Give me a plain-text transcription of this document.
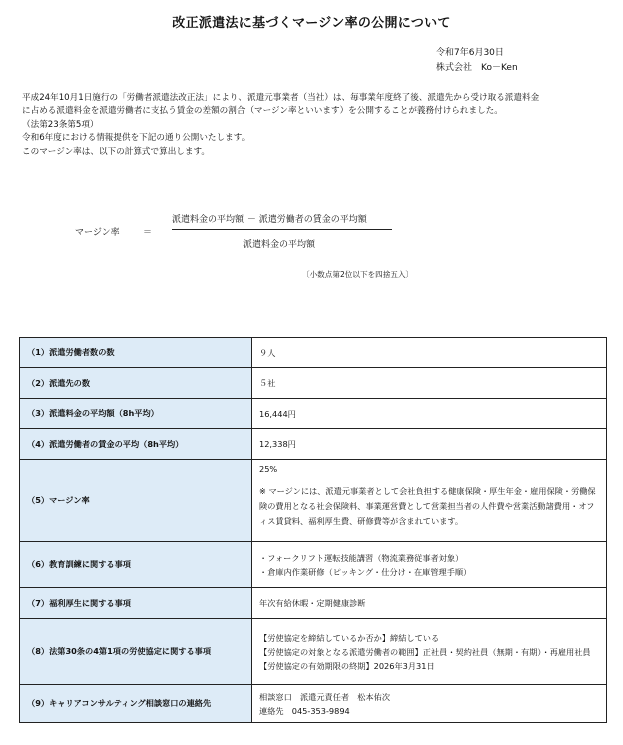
改正派遣法に基づくマージン率の公開について
令和7年6月30日
株式会社　Ko－Ken

平成24年10月1日施行の「労働者派遣法改正法」により、派遣元事業者（当社）は、毎事業年度終了後、派遣先から受け取る派遣料金

に占める派遣料金を派遣労働者に支払う賃金の差額の割合（マージン率といいます）を公開することが義務付けられました。

（法第23条第5項）

令和6年度における情報提供を下記の通り公開いたします。

このマージン率は、以下の計算式で算出します。

マージン率	＝
派遣料金の平均額 － 派遣労働者の賃金の平均額
派遣料金の平均額
〔小数点第2位以下を四捨五入〕
（1）派遣労働者数の数	９人
（2）派遣先の数	５社
（3）派遣料金の平均額（8h平均）	16,444円
（4）派遣労働者の賃金の平均（8h平均）	12,338円
（5）マージン率	25%
※ マージンには、派遣元事業者として会社負担する健康保険・厚生年金・雇用保険・労働保険の費用となる社会保険料、事業運営費として営業担当者の人件費や営業活動諸費用・オフィス賃貸料、福利厚生費、研修費等が含まれています。

（6）教育訓練に関する事項	・フォークリフト運転技能講習（物流業務従事者対象）
・倉庫内作業研修（ピッキング・仕分け・在庫管理手順）

（7）福利厚生に関する事項	年次有給休暇・定期健康診断
（8）法第30条の4第1項の労使協定に関する事項	【労使協定を締結しているか否か】締結している
【労使協定の対象となる派遣労働者の範囲】正社員・契約社員（無期・有期）・再雇用社員
【労使協定の有効期限の終期】2026年3月31日

（9）キャリアコンサルティング相談窓口の連絡先	相談窓口　派遣元責任者　松本佑次
連絡先　045-353-9894
